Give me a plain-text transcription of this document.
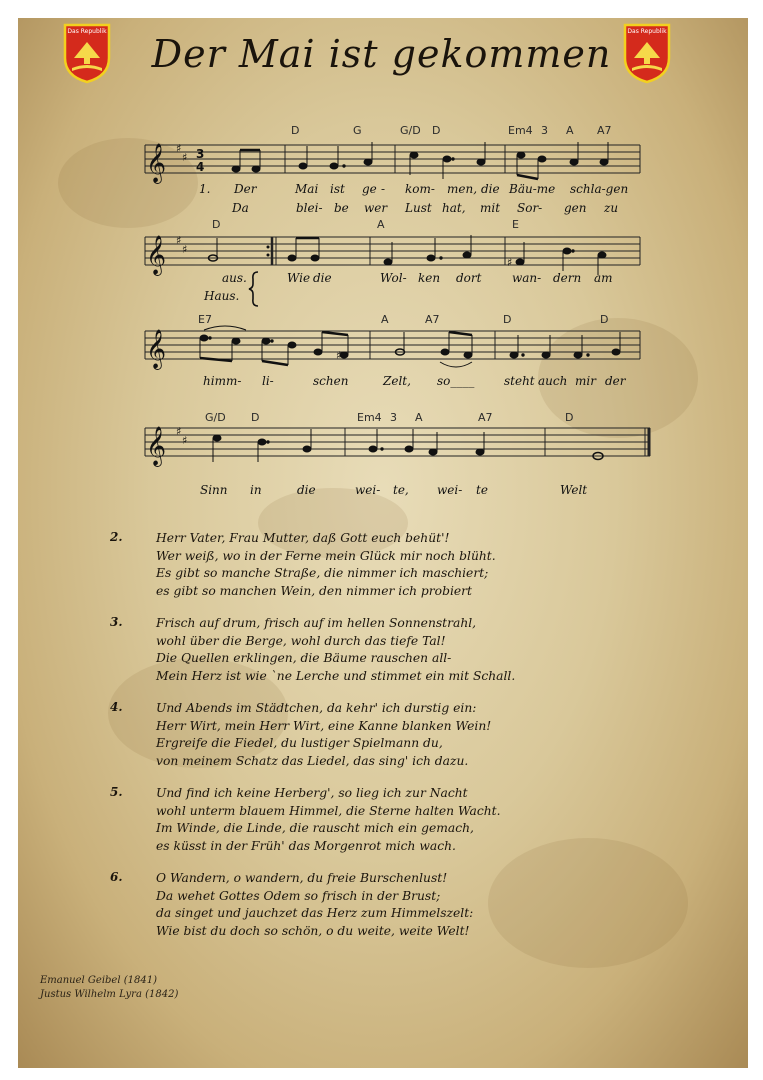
Das Republik	Das Republik
Der Mai ist gekommen
𝄞 ♯
♯ 3
4
D	G	G/D D	Em4 3 A A7
1. Der	Mai ist ge - kom- men, die Bäu-me schla-gen
Da	blei- be wer Lust hat, mit Sor- gen zu
𝄞 ♯
♯
♯
D	A	E
aus.	Wie die	Wol- ken dort	wan- dern am
Haus.
𝄞	♯
E7	A	A7	D	D
himm- li-	schen	Zelt, so____ steht auch mir der
𝄞 ♯
♯
G/D D	Em4 3 A	A7	D
Sinn in	die	wei- te, wei- te	Welt
2.	Herr Vater, Frau Mutter, daß Gott euch behüt'!
Wer weiß, wo in der Ferne mein Glück mir noch blüht.
Es gibt so manche Straße, die nimmer ich maschiert;
es gibt so manchen Wein, den nimmer ich probiert
3.	Frisch auf drum, frisch auf im hellen Sonnenstrahl,
wohl über die Berge, wohl durch das tiefe Tal!
Die Quellen erklingen, die Bäume rauschen all-
Mein Herz ist wie `ne Lerche und stimmet ein mit Schall.
4.	Und Abends im Städtchen, da kehr' ich durstig ein:
Herr Wirt, mein Herr Wirt, eine Kanne blanken Wein!
Ergreife die Fiedel, du lustiger Spielmann du,
von meinem Schatz das Liedel, das sing' ich dazu.
5.	Und find ich keine Herberg', so lieg ich zur Nacht
wohl unterm blauem Himmel, die Sterne halten Wacht.
Im Winde, die Linde, die rauscht mich ein gemach,
es küsst in der Früh' das Morgenrot mich wach.
6.	O Wandern, o wandern, du freie Burschenlust!
Da wehet Gottes Odem so frisch in der Brust;
da singet und jauchzet das Herz zum Himmelszelt:
Wie bist du doch so schön, o du weite, weite Welt!
Emanuel Geibel (1841)
Justus Wilhelm Lyra (1842)
